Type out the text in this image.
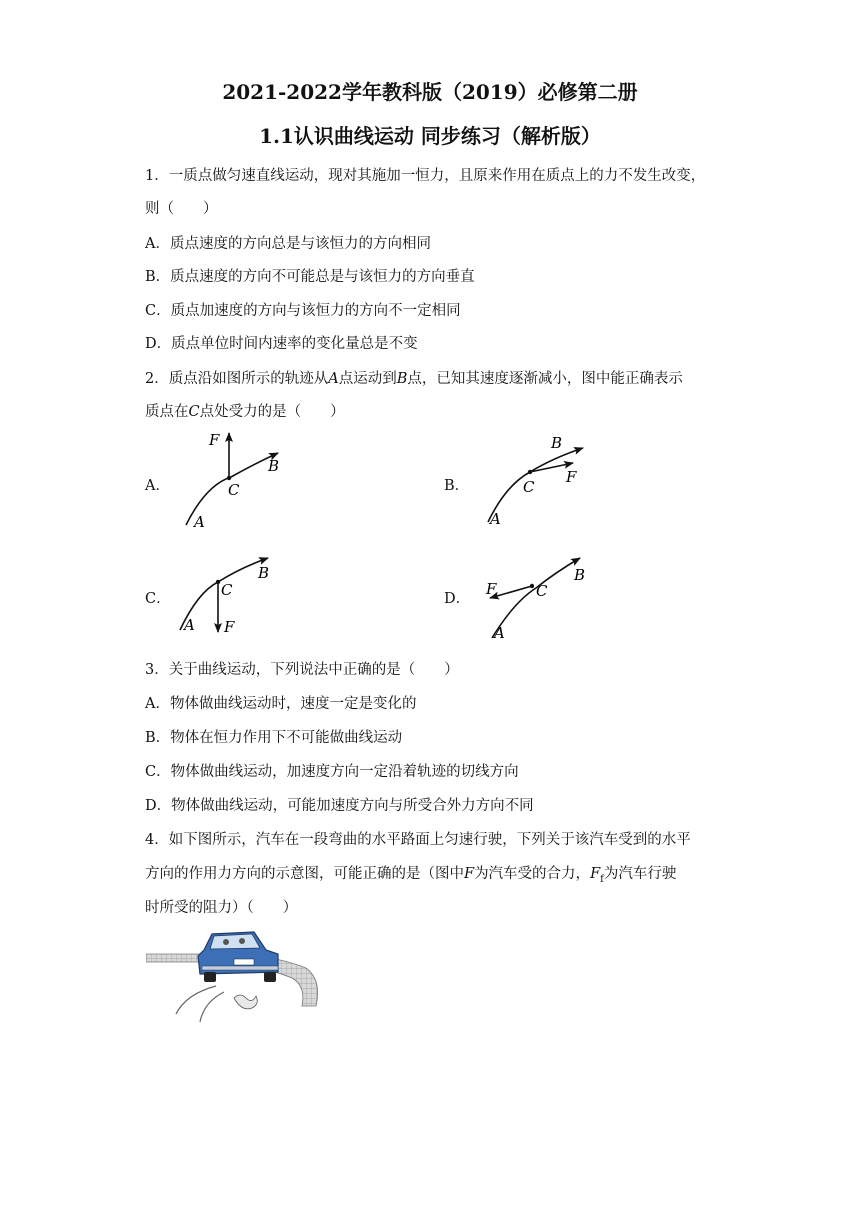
2021-2022学年教科版（2019）必修第二册
1.1认识曲线运动 同步练习（解析版）
1．一质点做匀速直线运动，现对其施加一恒力，且原来作用在质点上的力不发生改变，
则（　　）
A．质点速度的方向总是与该恒力的方向相同
B．质点速度的方向不可能总是与该恒力的方向垂直
C．质点加速度的方向与该恒力的方向不一定相同
D．质点单位时间内速率的变化量总是不变
2．质点沿如图所示的轨迹从A点运动到B点，已知其速度逐渐减小，图中能正确表示
质点在C点处受力的是（　　）
A．	B．
C．	D．
F
B
C
A
B
F
C
A
C
B
A F
F	C
B
A
3．关于曲线运动，下列说法中正确的是（　　）
A．物体做曲线运动时，速度一定是变化的
B．物体在恒力作用下不可能做曲线运动
C．物体做曲线运动，加速度方向一定沿着轨迹的切线方向
D．物体做曲线运动，可能加速度方向与所受合外力方向不同
4．如下图所示，汽车在一段弯曲的水平路面上匀速行驶，下列关于该汽车受到的水平
方向的作用力方向的示意图，可能正确的是（图中F为汽车受的合力，$F_f$为汽车行驶
时所受的阻力）（　　）
